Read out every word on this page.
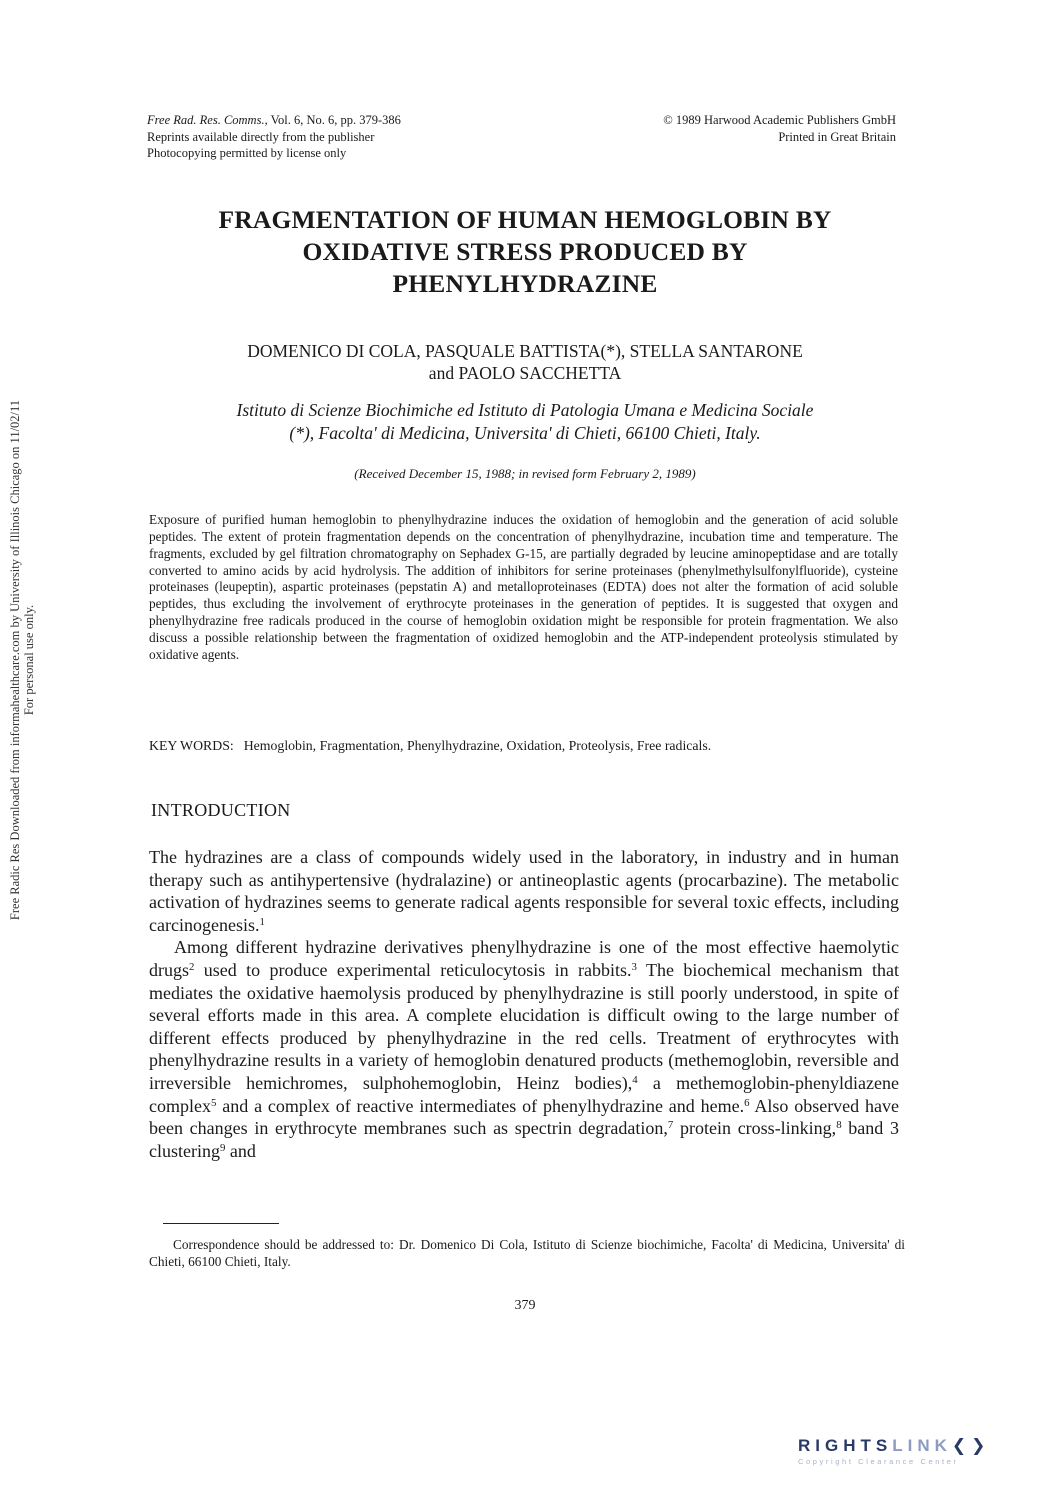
Free Rad. Res. Comms., Vol. 6, No. 6, pp. 379-386
Reprints available directly from the publisher
Photocopying permitted by license only
© 1989 Harwood Academic Publishers GmbH
Printed in Great Britain
Free Radic Res Downloaded from informahealthcare.com by University of Illinois Chicago on 11/02/11 For personal use only.
FRAGMENTATION OF HUMAN HEMOGLOBIN BY
OXIDATIVE STRESS PRODUCED BY
PHENYLHYDRAZINE
DOMENICO DI COLA, PASQUALE BATTISTA(*), STELLA SANTARONE
and PAOLO SACCHETTA
Istituto di Scienze Biochimiche ed Istituto di Patologia Umana e Medicina Sociale
(*), Facolta' di Medicina, Universita' di Chieti, 66100 Chieti, Italy.
(Received December 15, 1988; in revised form February 2, 1989)
Exposure of purified human hemoglobin to phenylhydrazine induces the oxidation of hemoglobin and the generation of acid soluble peptides. The extent of protein fragmentation depends on the concentration of phenylhydrazine, incubation time and temperature. The fragments, excluded by gel filtration chromatography on Sephadex G-15, are partially degraded by leucine aminopeptidase and are totally converted to amino acids by acid hydrolysis. The addition of inhibitors for serine proteinases (phenylmethylsulfonylfluoride), cysteine proteinases (leupeptin), aspartic proteinases (pepstatin A) and metalloproteinases (EDTA) does not alter the formation of acid soluble peptides, thus excluding the involvement of erythrocyte proteinases in the generation of peptides. It is suggested that oxygen and phenylhydrazine free radicals produced in the course of hemoglobin oxidation might be responsible for protein fragmentation. We also discuss a possible relationship between the fragmentation of oxidized hemoglobin and the ATP-independent proteolysis stimulated by oxidative agents.
KEY WORDS: Hemoglobin, Fragmentation, Phenylhydrazine, Oxidation, Proteolysis, Free radicals.
INTRODUCTION

The hydrazines are a class of compounds widely used in the laboratory, in industry and in human therapy such as antihypertensive (hydralazine) or antineoplastic agents (procarbazine). The metabolic activation of hydrazines seems to generate radical agents responsible for several toxic effects, including carcinogenesis.$^1$

Among different hydrazine derivatives phenylhydrazine is one of the most effective haemolytic drugs$^2$ used to produce experimental reticulocytosis in rabbits.$^3$ The biochemical mechanism that mediates the oxidative haemolysis produced by phenylhydrazine is still poorly understood, in spite of several efforts made in this area. A complete elucidation is difficult owing to the large number of different effects produced by phenylhydrazine in the red cells. Treatment of erythrocytes with phenylhydrazine results in a variety of hemoglobin denatured products (methemoglobin, reversible and irreversible hemichromes, sulphohemoglobin, Heinz bodies),$^4$ a methemoglobin-phenyldiazene complex$^5$ and a complex of reactive intermediates of phenylhydrazine and heme.$^6$ Also observed have been changes in erythrocyte membranes such as spectrin degradation,$^7$ protein cross-linking,$^8$ band 3 clustering$^9$ and

Correspondence should be addressed to: Dr. Domenico Di Cola, Istituto di Scienze biochimiche, Facolta' di Medicina, Universita' di Chieti, 66100 Chieti, Italy.
379
RIGHTSLINK❮❯
Copyright Clearance Center
